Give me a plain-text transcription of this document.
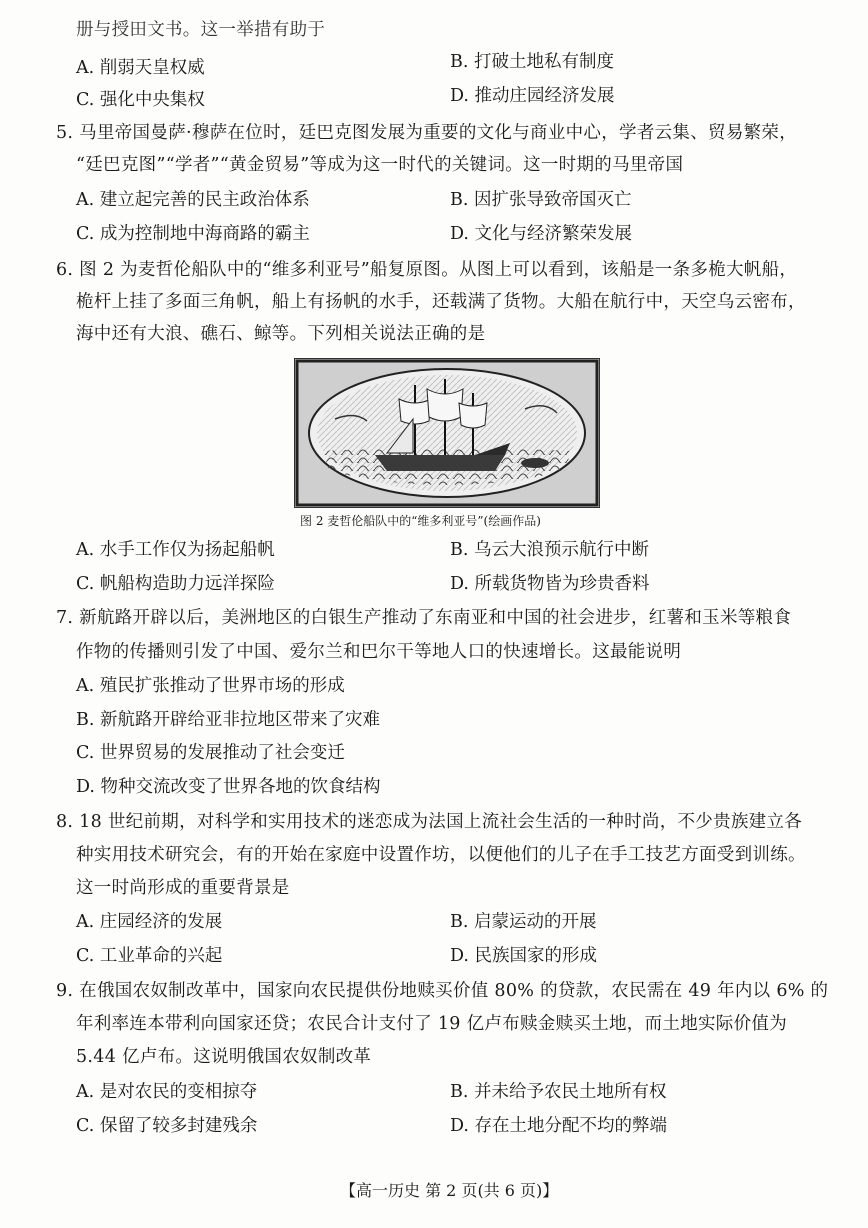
册与授田文书。这一举措有助于
A. 削弱天皇权威	B. 打破土地私有制度
C. 强化中央集权	D. 推动庄园经济发展
5. 马里帝国曼萨·穆萨在位时，廷巴克图发展为重要的文化与商业中心，学者云集、贸易繁荣，
“廷巴克图”“学者”“黄金贸易”等成为这一时代的关键词。这一时期的马里帝国
A. 建立起完善的民主政治体系	B. 因扩张导致帝国灭亡
C. 成为控制地中海商路的霸主	D. 文化与经济繁荣发展
6. 图 2 为麦哲伦船队中的“维多利亚号”船复原图。从图上可以看到，该船是一条多桅大帆船，
桅杆上挂了多面三角帆，船上有扬帆的水手，还载满了货物。大船在航行中，天空乌云密布，
海中还有大浪、礁石、鲸等。下列相关说法正确的是
图 2 麦哲伦船队中的“维多利亚号”(绘画作品)
A. 水手工作仅为扬起船帆	B. 乌云大浪预示航行中断
C. 帆船构造助力远洋探险	D. 所载货物皆为珍贵香料
7. 新航路开辟以后，美洲地区的白银生产推动了东南亚和中国的社会进步，红薯和玉米等粮食
作物的传播则引发了中国、爱尔兰和巴尔干等地人口的快速增长。这最能说明
A. 殖民扩张推动了世界市场的形成
B. 新航路开辟给亚非拉地区带来了灾难
C. 世界贸易的发展推动了社会变迁
D. 物种交流改变了世界各地的饮食结构
8. 18 世纪前期，对科学和实用技术的迷恋成为法国上流社会生活的一种时尚，不少贵族建立各
种实用技术研究会，有的开始在家庭中设置作坊，以便他们的儿子在手工技艺方面受到训练。
这一时尚形成的重要背景是
A. 庄园经济的发展	B. 启蒙运动的开展
C. 工业革命的兴起	D. 民族国家的形成
9. 在俄国农奴制改革中，国家向农民提供份地赎买价值 80% 的贷款，农民需在 49 年内以 6% 的
年利率连本带利向国家还贷；农民合计支付了 19 亿卢布赎金赎买土地，而土地实际价值为
5.44 亿卢布。这说明俄国农奴制改革
A. 是对农民的变相掠夺	B. 并未给予农民土地所有权
C. 保留了较多封建残余	D. 存在土地分配不均的弊端
【高一历史 第 2 页(共 6 页)】
